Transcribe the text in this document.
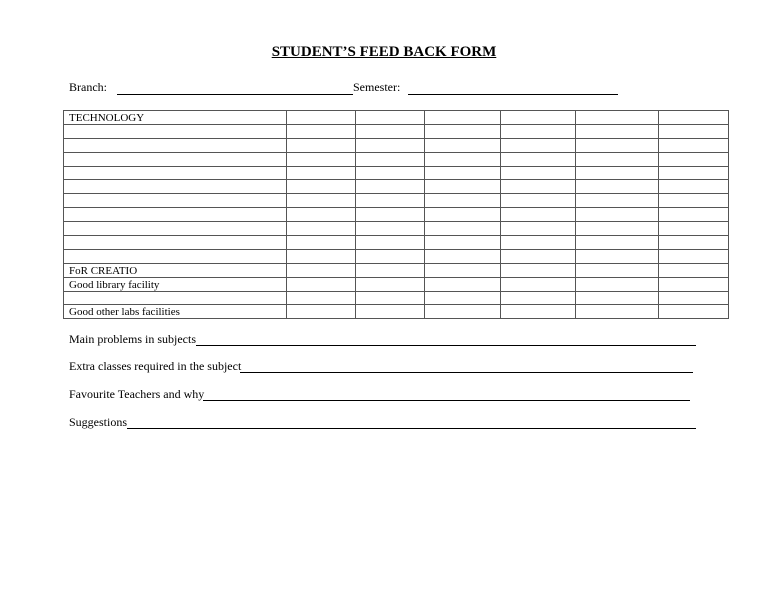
STUDENT’S FEED BACK FORM
Branch:	Semester:
TECHNOLOGY						

FoR CREATIO						
Good library facility						

Good other labs facilities						
Main problems in subjects
Extra classes required in the subject
Favourite Teachers and why
Suggestions
